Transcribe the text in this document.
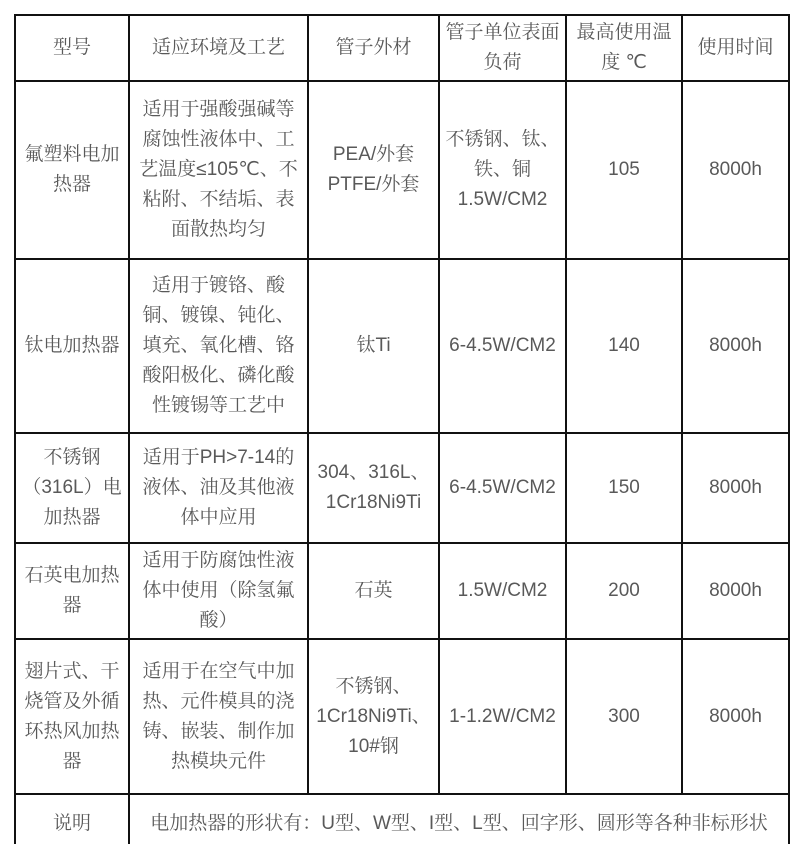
型号	适应环境及工艺	管子外材	管子单位表面负荷	最高使用温度 ℃	使用时间
氟塑料电加热器	适用于强酸强碱等腐蚀性液体中、工艺温度≤105℃、不粘附、不结垢、表面散热均匀	PEA/外套 PTFE/外套	不锈钢、钛、铁、铜 1.5W/CM2	105	8000h
钛电加热器	适用于镀铬、酸铜、镀镍、钝化、填充、氧化槽、铬酸阳极化、磷化酸性镀锡等工艺中	钛Ti	6-4.5W/CM2	140	8000h
不锈钢（316L）电加热器	适用于PH>7-14的液体、油及其他液体中应用	304、316L、1Cr18Ni9Ti	6-4.5W/CM2	150	8000h
石英电加热器	适用于防腐蚀性液体中使用（除氢氟酸）	石英	1.5W/CM2	200	8000h
翅片式、干烧管及外循环热风加热器	适用于在空气中加热、元件模具的浇铸、嵌装、制作加热模块元件	不锈钢、1Cr18Ni9Ti、10#钢	1-1.2W/CM2	300	8000h
说明	电加热器的形状有：U型、W型、I型、L型、回字形、圆形等各种非标形状				
